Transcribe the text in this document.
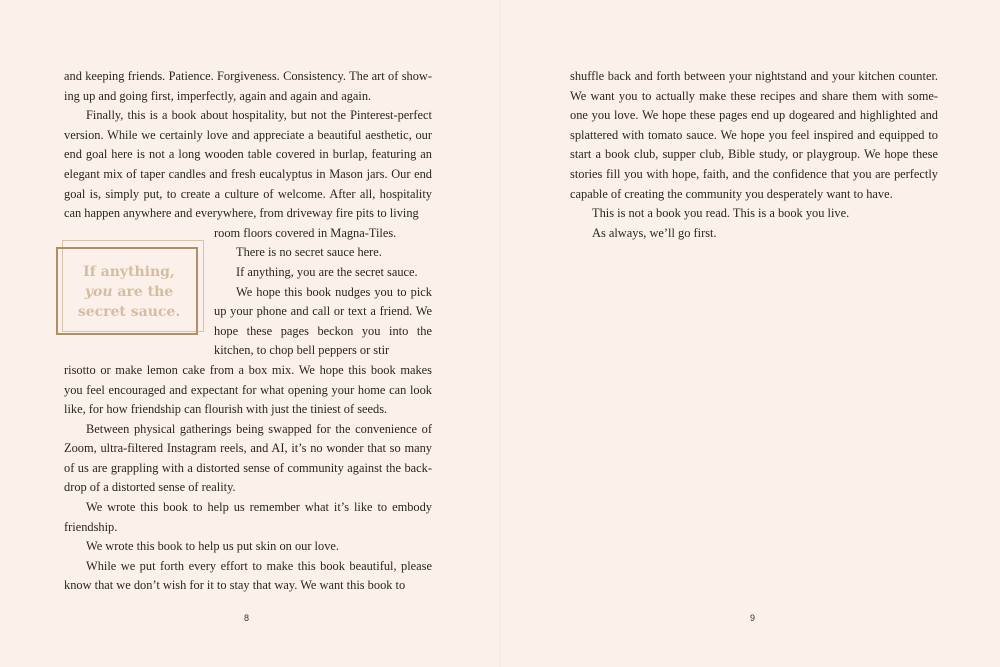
and keeping friends. Patience. Forgiveness. Consistency. The art of show-ing up and going first, imperfectly, again and again and again.

Finally, this is a book about hospitality, but not the Pinterest-perfect version. While we certainly love and appreciate a beautiful aesthetic, our end goal here is not a long wooden table covered in burlap, featuring an elegant mix of taper candles and fresh eucalyptus in Mason jars. Our end goal is, simply put, to create a culture of welcome. After all, hospitality can happen anywhere and everywhere, from driveway fire pits to living

room floors covered in Magna-Tiles.

There is no secret sauce here.

If anything, you are the secret sauce.

We hope this book nudges you to pick up your phone and call or text a friend. We hope these pages beckon you into the kitchen, to chop bell peppers or stir

risotto or make lemon cake from a box mix. We hope this book makes you feel encouraged and expectant for what opening your home can look like, for how friendship can flourish with just the tiniest of seeds.

Between physical gatherings being swapped for the convenience of Zoom, ultra-filtered Instagram reels, and AI, it’s no wonder that so many of us are grappling with a distorted sense of community against the back-drop of a distorted sense of reality.

We wrote this book to help us remember what it’s like to embody friendship.

We wrote this book to help us put skin on our love.

While we put forth every effort to make this book beautiful, please know that we don’t wish for it to stay that way. We want this book to

If anything,
you are the
secret sauce.
8

shuffle back and forth between your nightstand and your kitchen counter. We want you to actually make these recipes and share them with some-one you love. We hope these pages end up dogeared and highlighted and splattered with tomato sauce. We hope you feel inspired and equipped to start a book club, supper club, Bible study, or playgroup. We hope these stories fill you with hope, faith, and the confidence that you are perfectly capable of creating the community you desperately want to have.

This is not a book you read. This is a book you live.

As always, we’ll go first.

9
